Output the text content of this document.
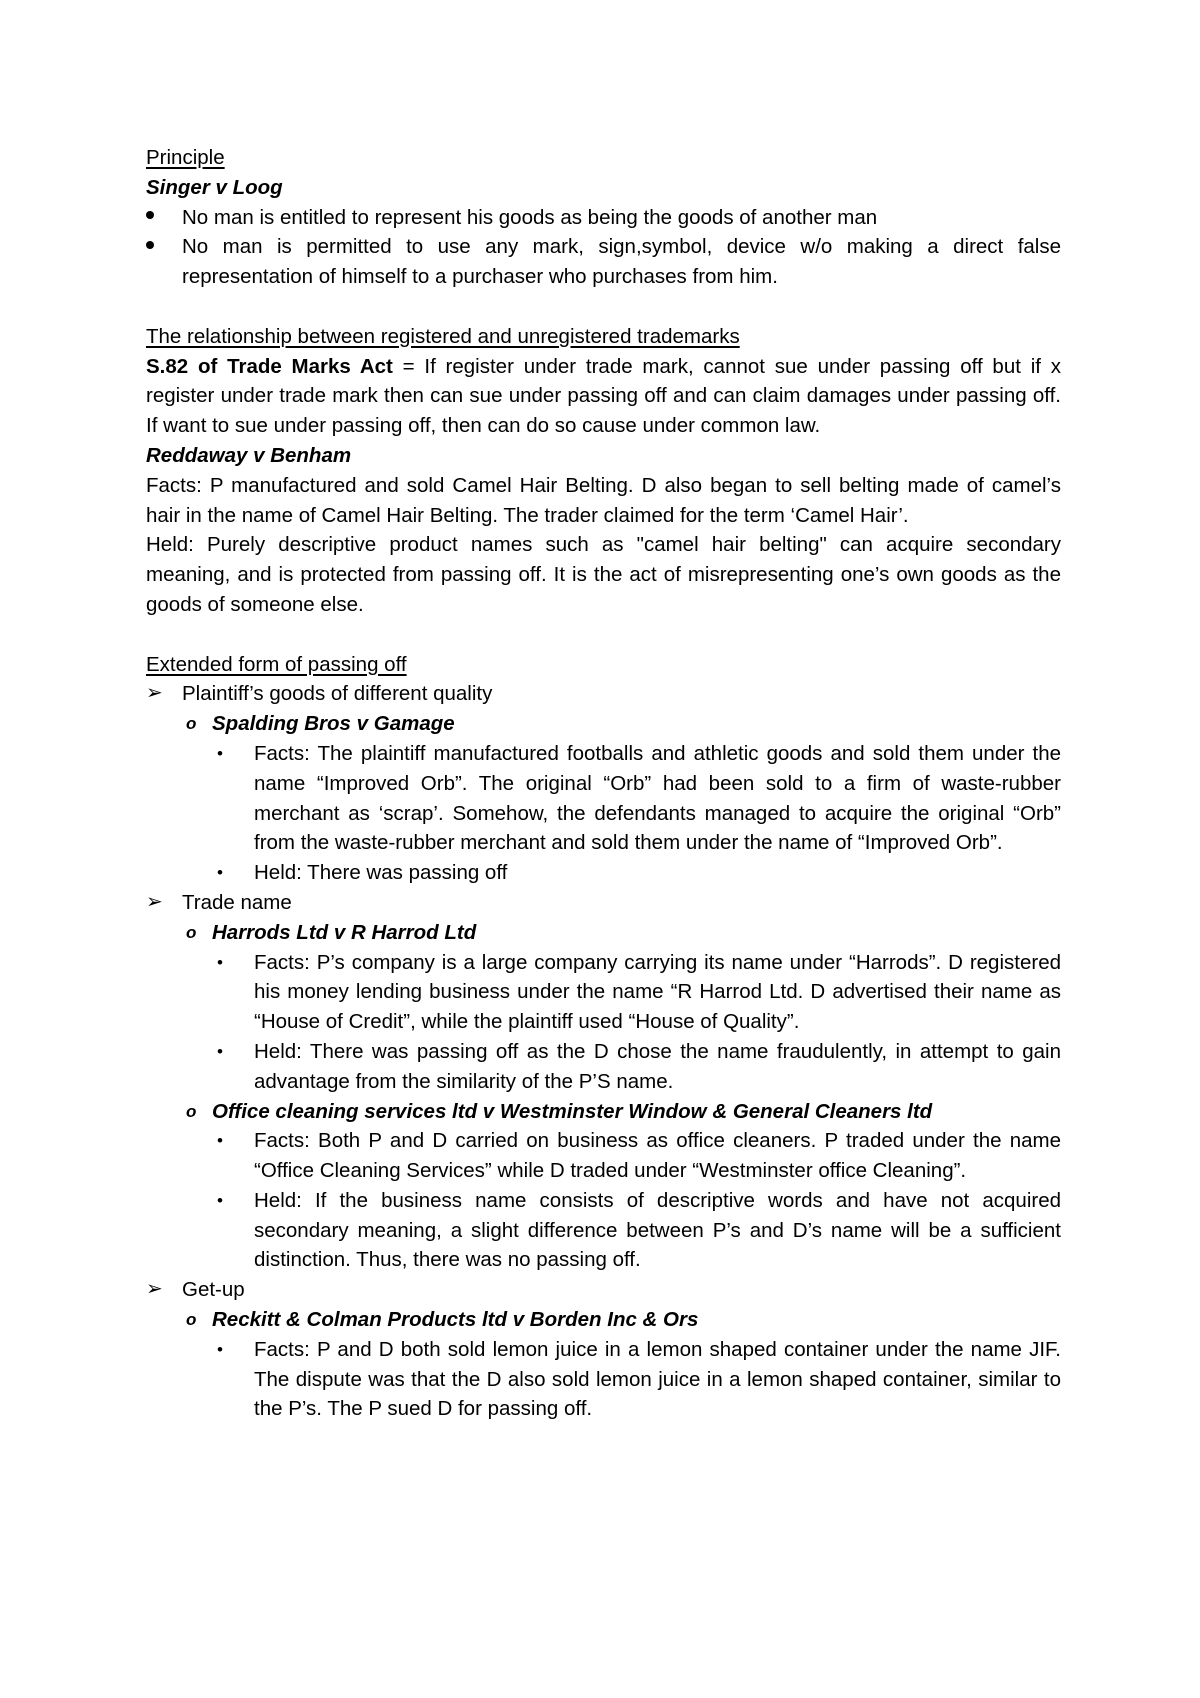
Principle
Singer v Loog
No man is entitled to represent his goods as being the goods of another man
No man is permitted to use any mark, sign,symbol, device w/o making a direct false representation of himself to a purchaser who purchases from him.
The relationship between registered and unregistered trademarks
S.82 of Trade Marks Act = If register under trade mark, cannot sue under passing off but if x register under trade mark then can sue under passing off and can claim damages under passing off. If want to sue under passing off, then can do so cause under common law.
Reddaway v Benham
Facts: P manufactured and sold Camel Hair Belting. D also began to sell belting made of camel’s hair in the name of Camel Hair Belting. The trader claimed for the term ‘Camel Hair’.
Held: Purely descriptive product names such as "camel hair belting" can acquire secondary meaning, and is protected from passing off. It is the act of misrepresenting one’s own goods as the goods of someone else.
Extended form of passing off
➢ Plaintiff’s goods of different quality
o Spalding Bros v Gamage
• Facts: The plaintiff manufactured footballs and athletic goods and sold them under the name “Improved Orb”. The original “Orb” had been sold to a firm of waste-rubber merchant as ‘scrap’. Somehow, the defendants managed to acquire the original “Orb” from the waste-rubber merchant and sold them under the name of “Improved Orb”.
• Held: There was passing off
➢ Trade name
o Harrods Ltd v R Harrod Ltd
• Facts: P’s company is a large company carrying its name under “Harrods”. D registered his money lending business under the name “R Harrod Ltd. D advertised their name as “House of Credit”, while the plaintiff used “House of Quality”.
• Held: There was passing off as the D chose the name fraudulently, in attempt to gain advantage from the similarity of the P’S name.
o Office cleaning services ltd v Westminster Window & General Cleaners ltd
• Facts: Both P and D carried on business as office cleaners. P traded under the name “Office Cleaning Services” while D traded under “Westminster office Cleaning”.
• Held: If the business name consists of descriptive words and have not acquired secondary meaning, a slight difference between P’s and D’s name will be a sufficient distinction. Thus, there was no passing off.
➢ Get-up
o Reckitt & Colman Products ltd v Borden Inc & Ors
• Facts: P and D both sold lemon juice in a lemon shaped container under the name JIF. The dispute was that the D also sold lemon juice in a lemon shaped container, similar to the P’s. The P sued D for passing off.
